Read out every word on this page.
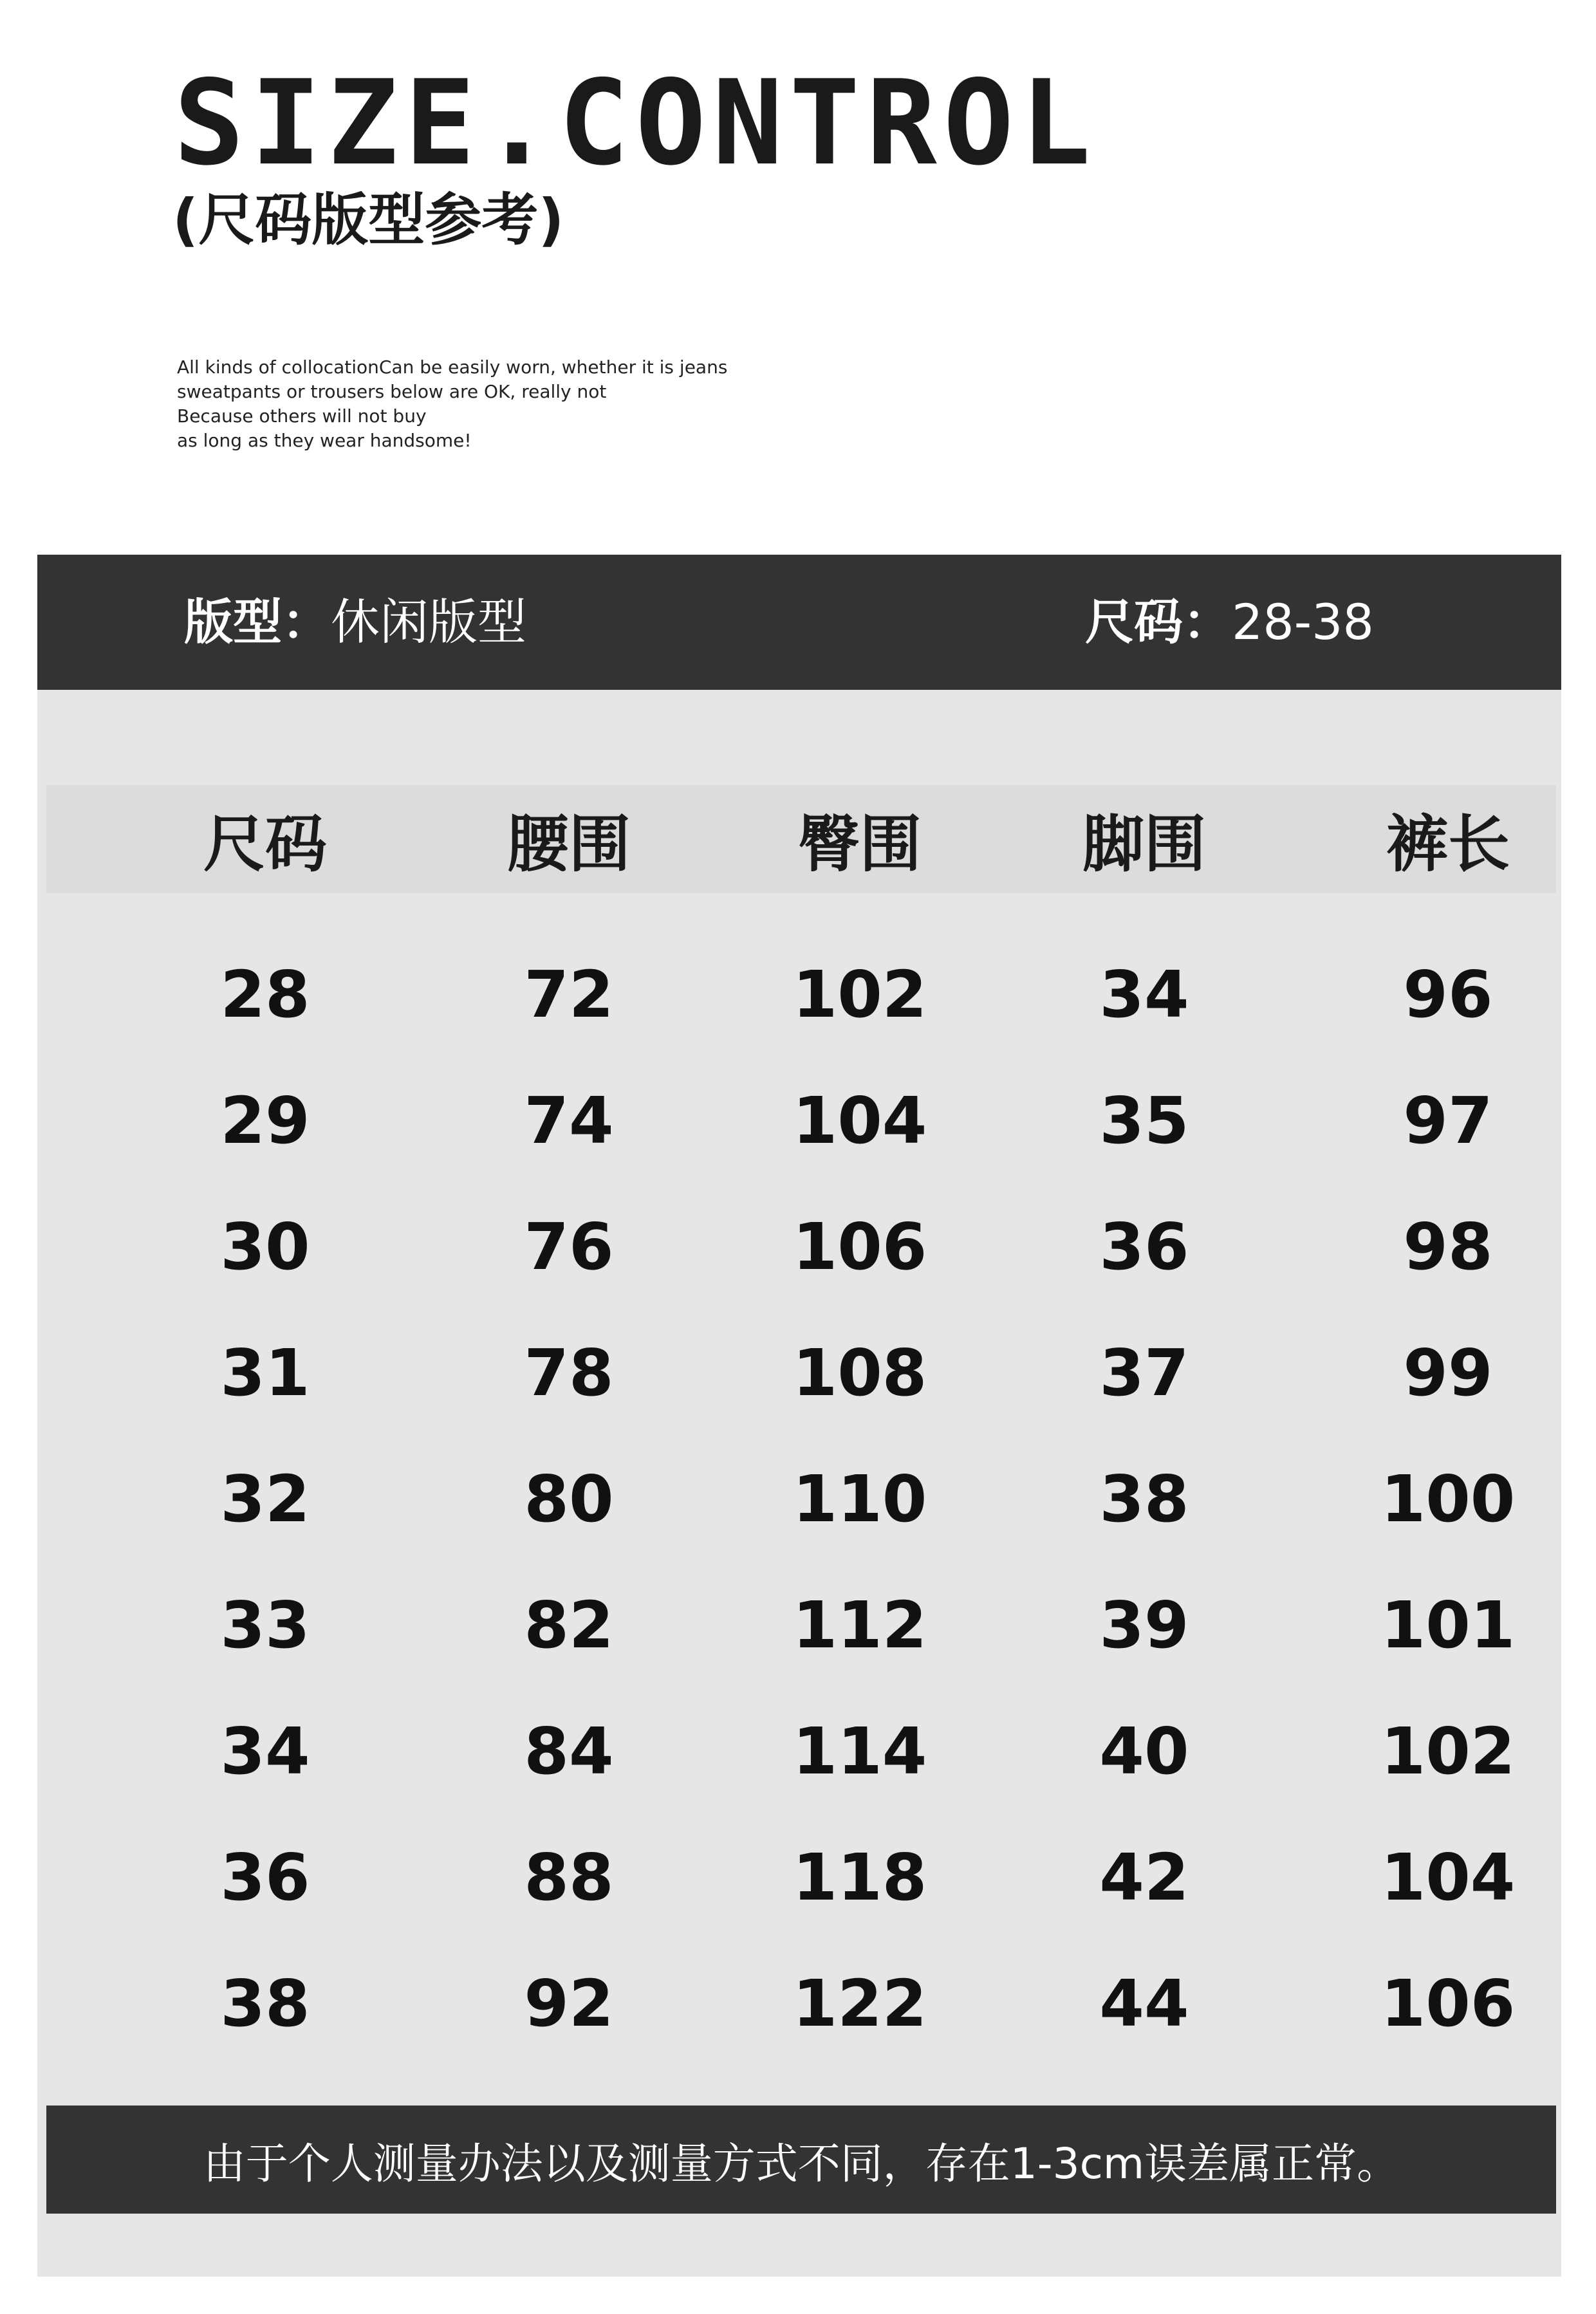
SIZE.CONTROL
(尺码版型参考)
All kinds of collocationCan be easily worn, whether it is jeans
sweatpants or trousers below are OK, really not
Because others will not buy
as long as they wear handsome!
版型： 休闲版型	尺码： 28-38
尺码	腰围	臀围	脚围	裤长
28	72	102	34	96
29	74	104	35	97
30	76	106	36	98
31	78	108	37	99
32	80	110	38	100
33	82	112	39	101
34	84	114	40	102
36	88	118	42	104
38	92	122	44	106
由于个人测量办法以及测量方式不同，存在1-3cm误差属正常。
